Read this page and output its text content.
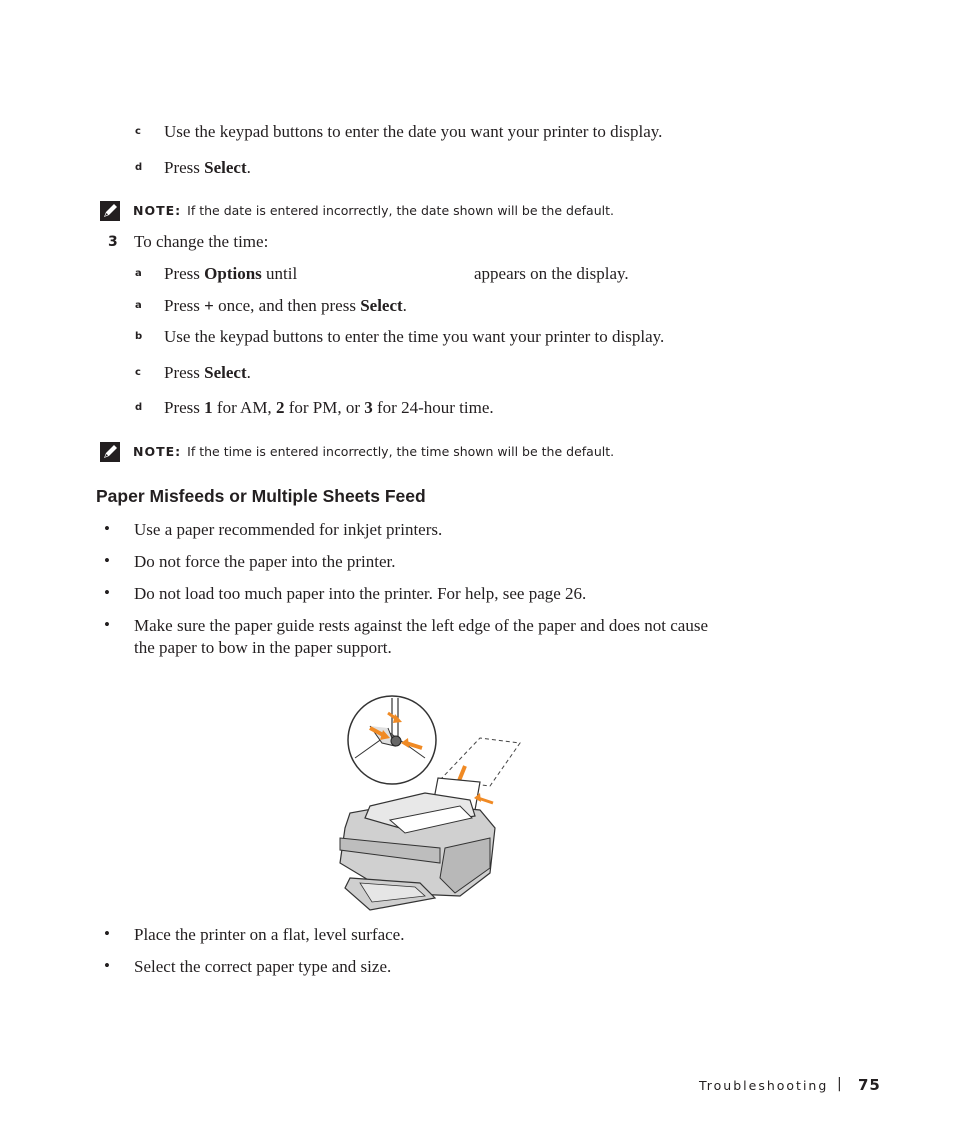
c Use the keypad buttons to enter the date you want your printer to display.
d Press Select.
NOTE: If the date is entered incorrectly, the date shown will be the default.
3 To change the time:
a Press Options until	appears on the display.
a Press + once, and then press Select.
b Use the keypad buttons to enter the time you want your printer to display.
c Press Select.
d Press 1 for AM, 2 for PM, or 3 for 24-hour time.
NOTE: If the time is entered incorrectly, the time shown will be the default.
Paper Misfeeds or Multiple Sheets Feed
• Use a paper recommended for inkjet printers.
• Do not force the paper into the printer.
• Do not load too much paper into the printer. For help, see page 26.
• Make sure the paper guide rests against the left edge of the paper and does not cause
the paper to bow in the paper support.
• Place the printer on a flat, level surface.
• Select the correct paper type and size.
Troubleshooting | 75
